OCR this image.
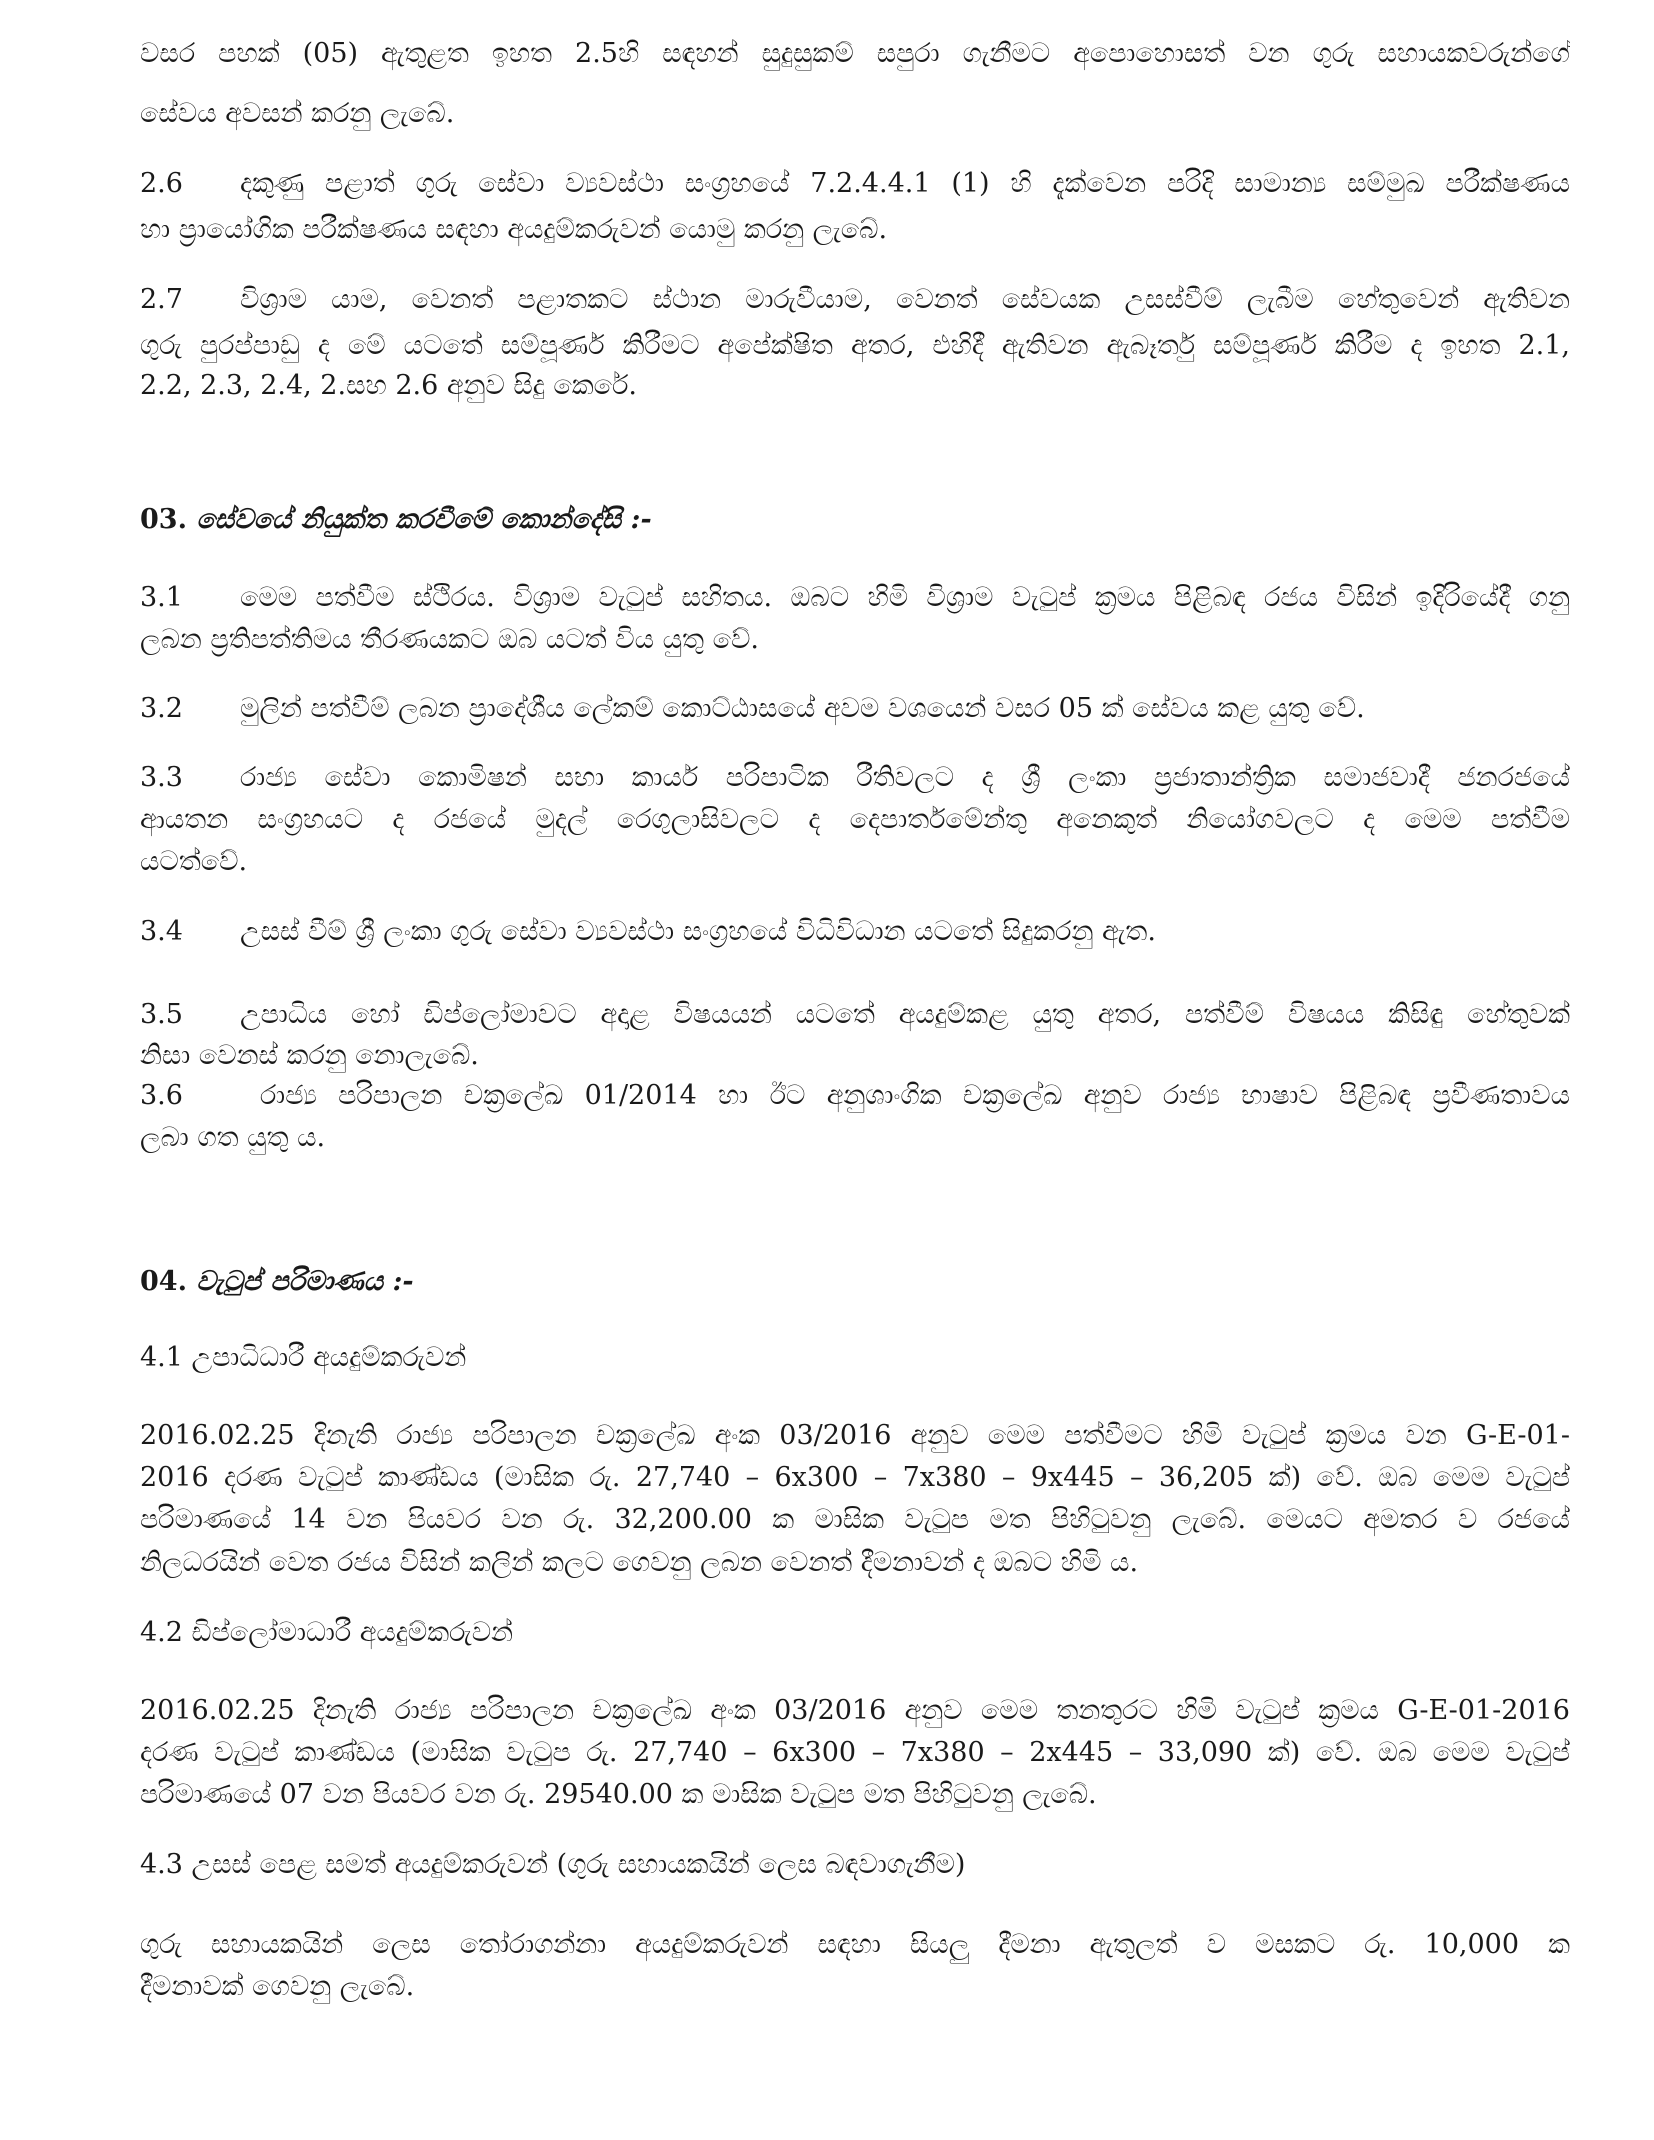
වසර පහක් (05) ඇතුළත ඉහත 2.5හි සඳහන් සුදුසුකම් සපුරා ගැනීමට අපොහොසත් වන ගුරු සහායකවරුන්ගේ

සේවය අවසන් කරනු ලැබේ.

2.6 දකුණු පළාත් ගුරු සේවා ව්‍යවස්ථා සංග්‍රහයේ 7.2.4.4.1 (1) හි දැක්වෙන පරිදි සාමාන්‍ය සම්මුඛ පරීක්ෂණය

හා ප්‍රායෝගික පරීක්ෂණය සඳහා අයදුම්කරුවන් යොමු කරනු ලැබේ.

2.7 විශ්‍රාම යාම, වෙනත් පළාතකට ස්ථාන මාරුවීයාම, වෙනත් සේවයක උසස්වීම් ලැබීම හේතුවෙන් ඇතිවන

ගුරු පුරප්පාඩු ද මේ යටතේ සම්පූර්ණ කිරීමට අපේක්ෂිත අතර, එහිදී ඇතිවන ඇබෑර්තු සම්පූර්ණ කිරීම ද ඉහත 2.1,

2.2, 2.3, 2.4, 2.සහ 2.6 අනුව සිදු කෙරේ.

03. සේවයේ නියුක්ත කරවීමේ කොන්දේසි :-

3.1 මෙම පත්වීම ස්ථිරය. විශ්‍රාම වැටුප් සහිතය. ඔබට හිමි විශ්‍රාම වැටුප් ක්‍රමය පිළිබඳ රජය විසින් ඉදිරියේදී ගනු

ලබන ප්‍රතිපත්තිමය තීරණයකට ඔබ යටත් විය යුතු වේ.

3.2 මුලින් පත්වීම් ලබන ප්‍රාදේශීය ලේකම් කොට්ඨාසයේ අවම වශයෙන් වසර 05 ක් සේවය කළ යුතු වේ.

3.3 රාජ්‍ය සේවා කොමිෂන් සභා කාර්ය පරිපාටික රීතිවලට ද ශ්‍රී ලංකා ප්‍රජාතාන්ත්‍රික සමාජවාදී ජනරජයේ

ආයතන සංග්‍රහයට ද රජයේ මුදල් රෙගුලාසිවලට ද දෙපාර්තමේන්තු අනෙකුත් නියෝගවලට ද මෙම පත්වීම

යටත්වේ.

3.4 උසස් වීම් ශ්‍රී ලංකා ගුරු සේවා ව්‍යවස්ථා සංග්‍රහයේ විධිවිධාන යටතේ සිදුකරනු ඇත.

3.5 උපාධිය හෝ ඩිප්ලෝමාවට අදාළ විෂයයන් යටතේ අයදුම්කළ යුතු අතර, පත්වීම් විෂයය කිසිඳු හේතුවක්

නිසා වෙනස් කරනු නොලැබේ.

3.6	රාජ්‍ය පරිපාලන චක්‍රලේඛ 01/2014 හා ඊට අනුශාංගික චක්‍රලේඛ අනුව රාජ්‍ය භාෂාව පිළිබඳ ප්‍රවීණතාවය

ලබා ගත යුතු ය.

04. වැටුප් පරිමාණය :-

4.1 උපාධිධාරී අයදුම්කරුවන්

2016.02.25 දිනැති රාජ්‍ය පරිපාලන චක්‍රලේඛ අංක 03/2016 අනුව මෙම පත්වීමට හිමි වැටුප් ක්‍රමය වන G-E-01-

2016 දරණ වැටුප් කාණ්ඩය (මාසික රු. 27,740 – 6x300 – 7x380 – 9x445 – 36,205 ක්) වේ. ඔබ මෙම වැටුප්

පරිමාණයේ 14 වන පියවර වන රු. 32,200.00 ක මාසික වැටුප මත පිහිටුවනු ලැබේ. මෙයට අමතර ව රජයේ

නිලධරයින් වෙත රජය විසින් කලින් කලට ගෙවනු ලබන වෙනත් දීමනාවන් ද ඔබට හිමි ය.

4.2 ඩිප්ලෝමාධාරී අයදුම්කරුවන්

2016.02.25 දිනැති රාජ්‍ය පරිපාලන චක්‍රලේඛ අංක 03/2016 අනුව මෙම තනතුරට හිමි වැටුප් ක්‍රමය G-E-01-2016

දරණ වැටුප් කාණ්ඩය (මාසික වැටුප රු. 27,740 – 6x300 – 7x380 – 2x445 – 33,090 ක්) වේ. ඔබ මෙම වැටුප්

පරිමාණයේ 07 වන පියවර වන රු. 29540.00 ක මාසික වැටුප මත පිහිටුවනු ලැබේ.

4.3 උසස් පෙළ සමත් අයදුම්කරුවන් (ගුරු සහායකයින් ලෙස බඳවාගැනීම)

ගුරු සහායකයින් ලෙස තෝරාගන්නා අයදුම්කරුවන් සඳහා සියලු දීමනා ඇතුලත් ව මසකට රු. 10,000 ක

දීමනාවක් ගෙවනු ලැබේ.
